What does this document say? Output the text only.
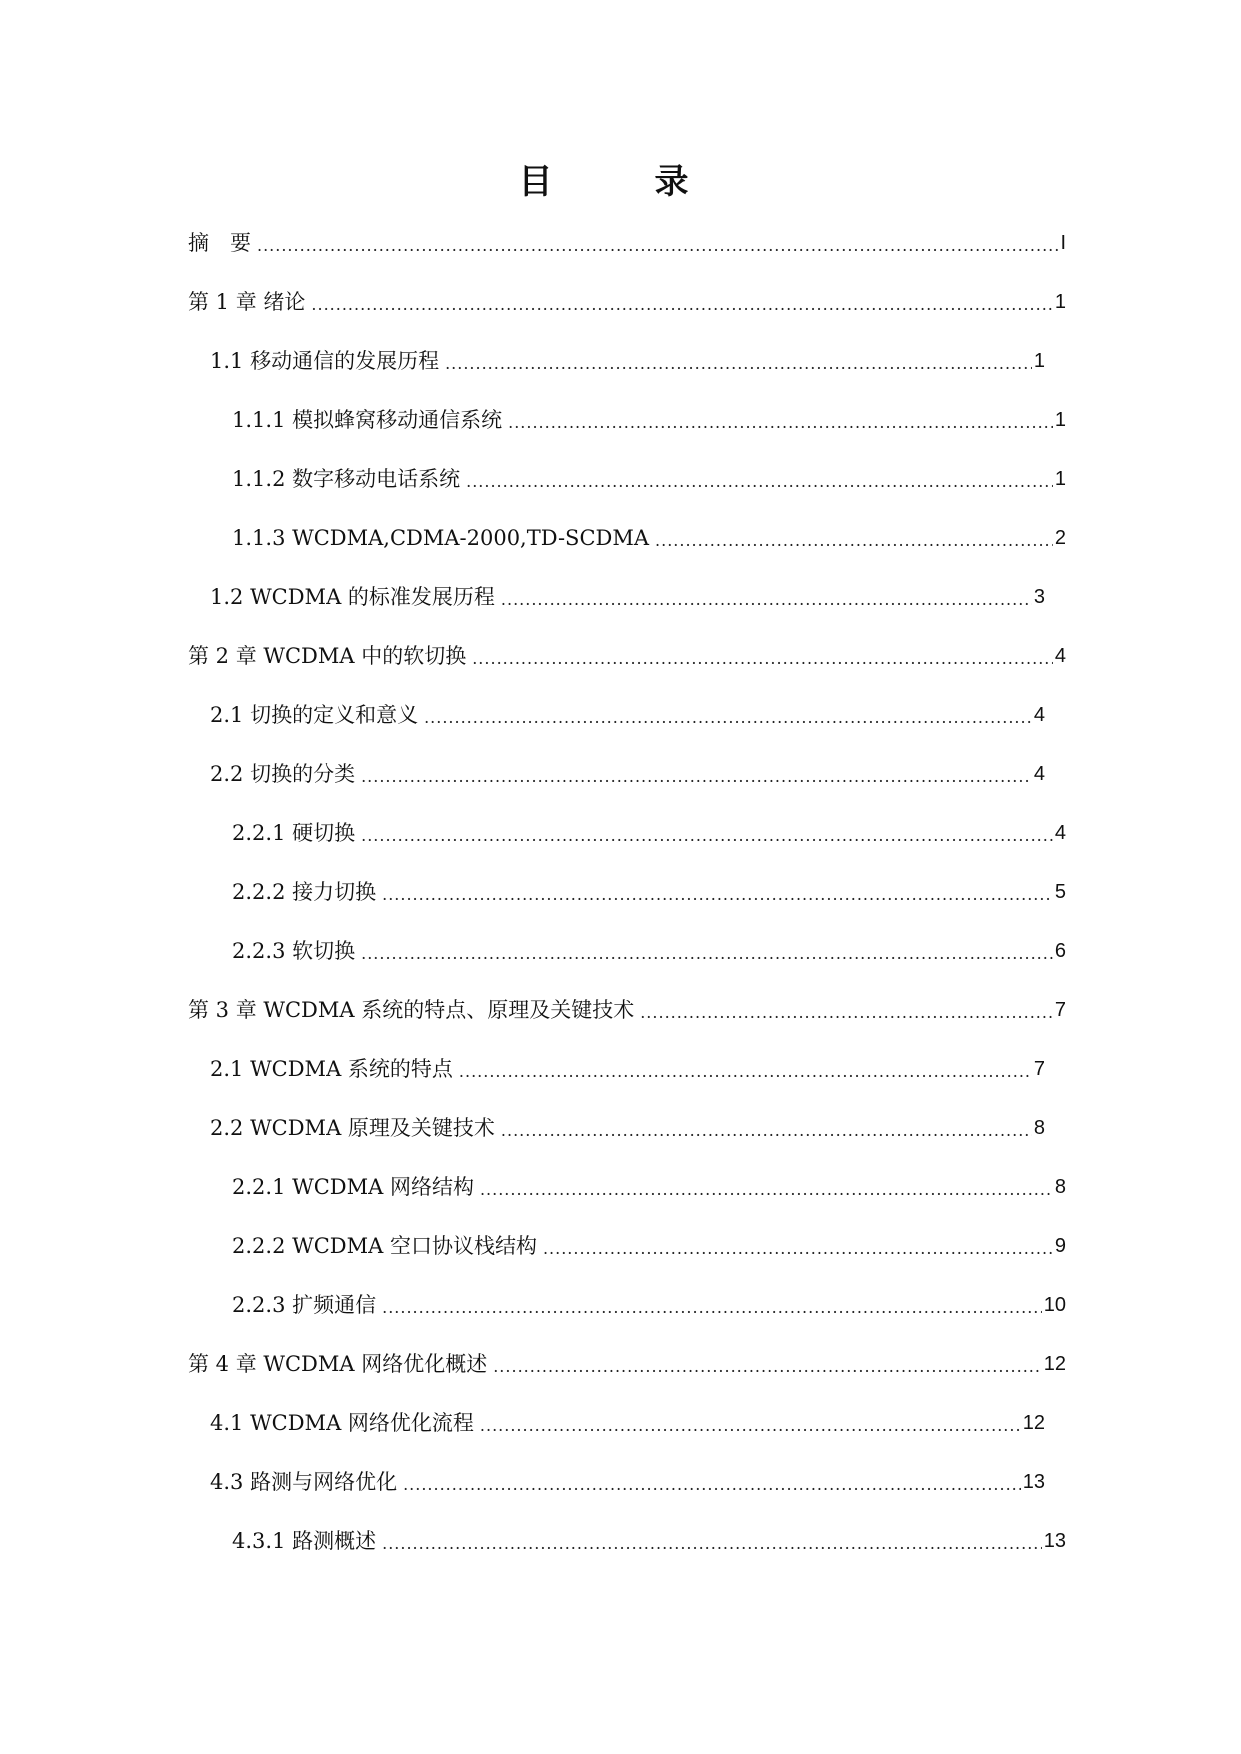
目　录
摘　要 .....	I
第 1 章 绪论 .....	1
1.1 移动通信的发展历程 .....	1
1.1.1 模拟蜂窝移动通信系统 .....	1
1.1.2 数字移动电话系统 .....	1
1.1.3 WCDMA,CDMA-2000,TD-SCDMA .....	2
1.2 WCDMA 的标准发展历程 .....	3
第 2 章 WCDMA 中的软切换 .....	4
2.1 切换的定义和意义 .....	4
2.2 切换的分类 .....	4
2.2.1 硬切换 .....	4
2.2.2 接力切换 .....	5
2.2.3 软切换 .....	6
第 3 章 WCDMA 系统的特点、原理及关键技术 .....	7
2.1 WCDMA 系统的特点 .....	7
2.2 WCDMA 原理及关键技术 .....	8
2.2.1 WCDMA 网络结构 .....	8
2.2.2 WCDMA 空口协议栈结构 .....	9
2.2.3 扩频通信 .....	10
第 4 章 WCDMA 网络优化概述 .....	12
4.1 WCDMA 网络优化流程 .....	12
4.3 路测与网络优化 .....	13
4.3.1 路测概述 .....	13
